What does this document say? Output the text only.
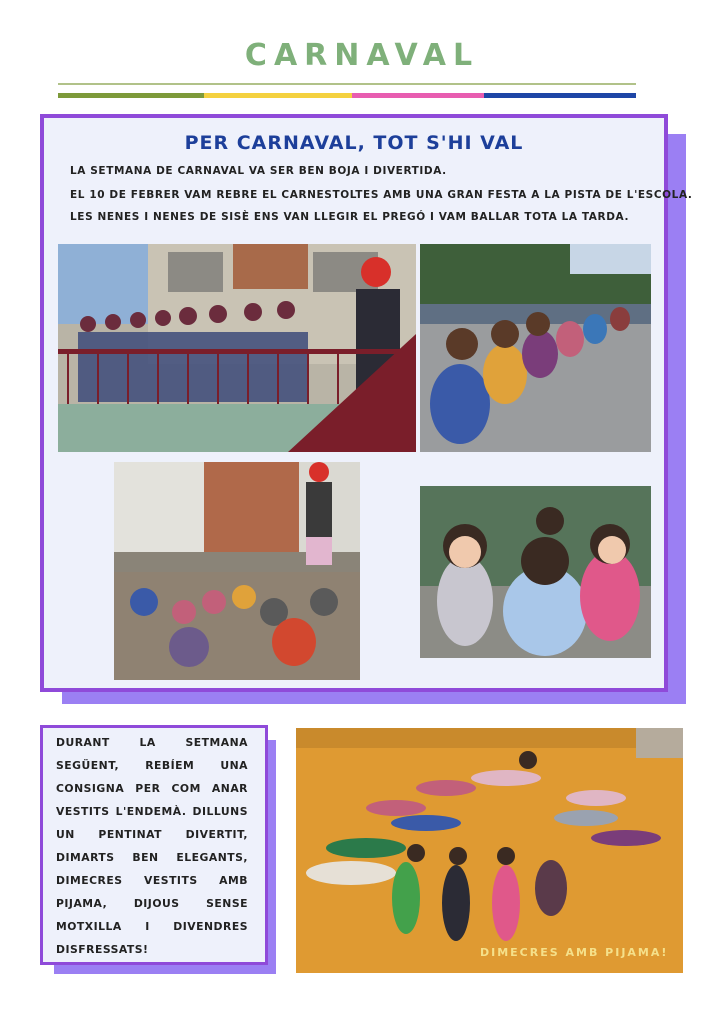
CARNAVAL
PER CARNAVAL, TOT S'HI VAL
LA SETMANA DE CARNAVAL VA SER BEN BOJA I DIVERTIDA.
EL 10 DE FEBRER VAM REBRE EL CARNESTOLTES AMB UNA GRAN FESTA A LA PISTA DE L'ESCOLA.
LES NENES I NENES DE SISÈ ENS VAN LLEGIR EL PREGÓ I VAM BALLAR TOTA LA TARDA.
DURANT LA SETMANA SEGÜENT, REBÍEM UNA CONSIGNA PER COM ANAR VESTITS L'ENDEMÀ. DILLUNS UN PENTINAT DIVERTIT, DIMARTS BEN ELEGANTS, DIMECRES VESTITS AMB PIJAMA, DIJOUS SENSE MOTXILLA I DIVENDRES DISFRESSATS!	DIMECRES AMB PIJAMA!
